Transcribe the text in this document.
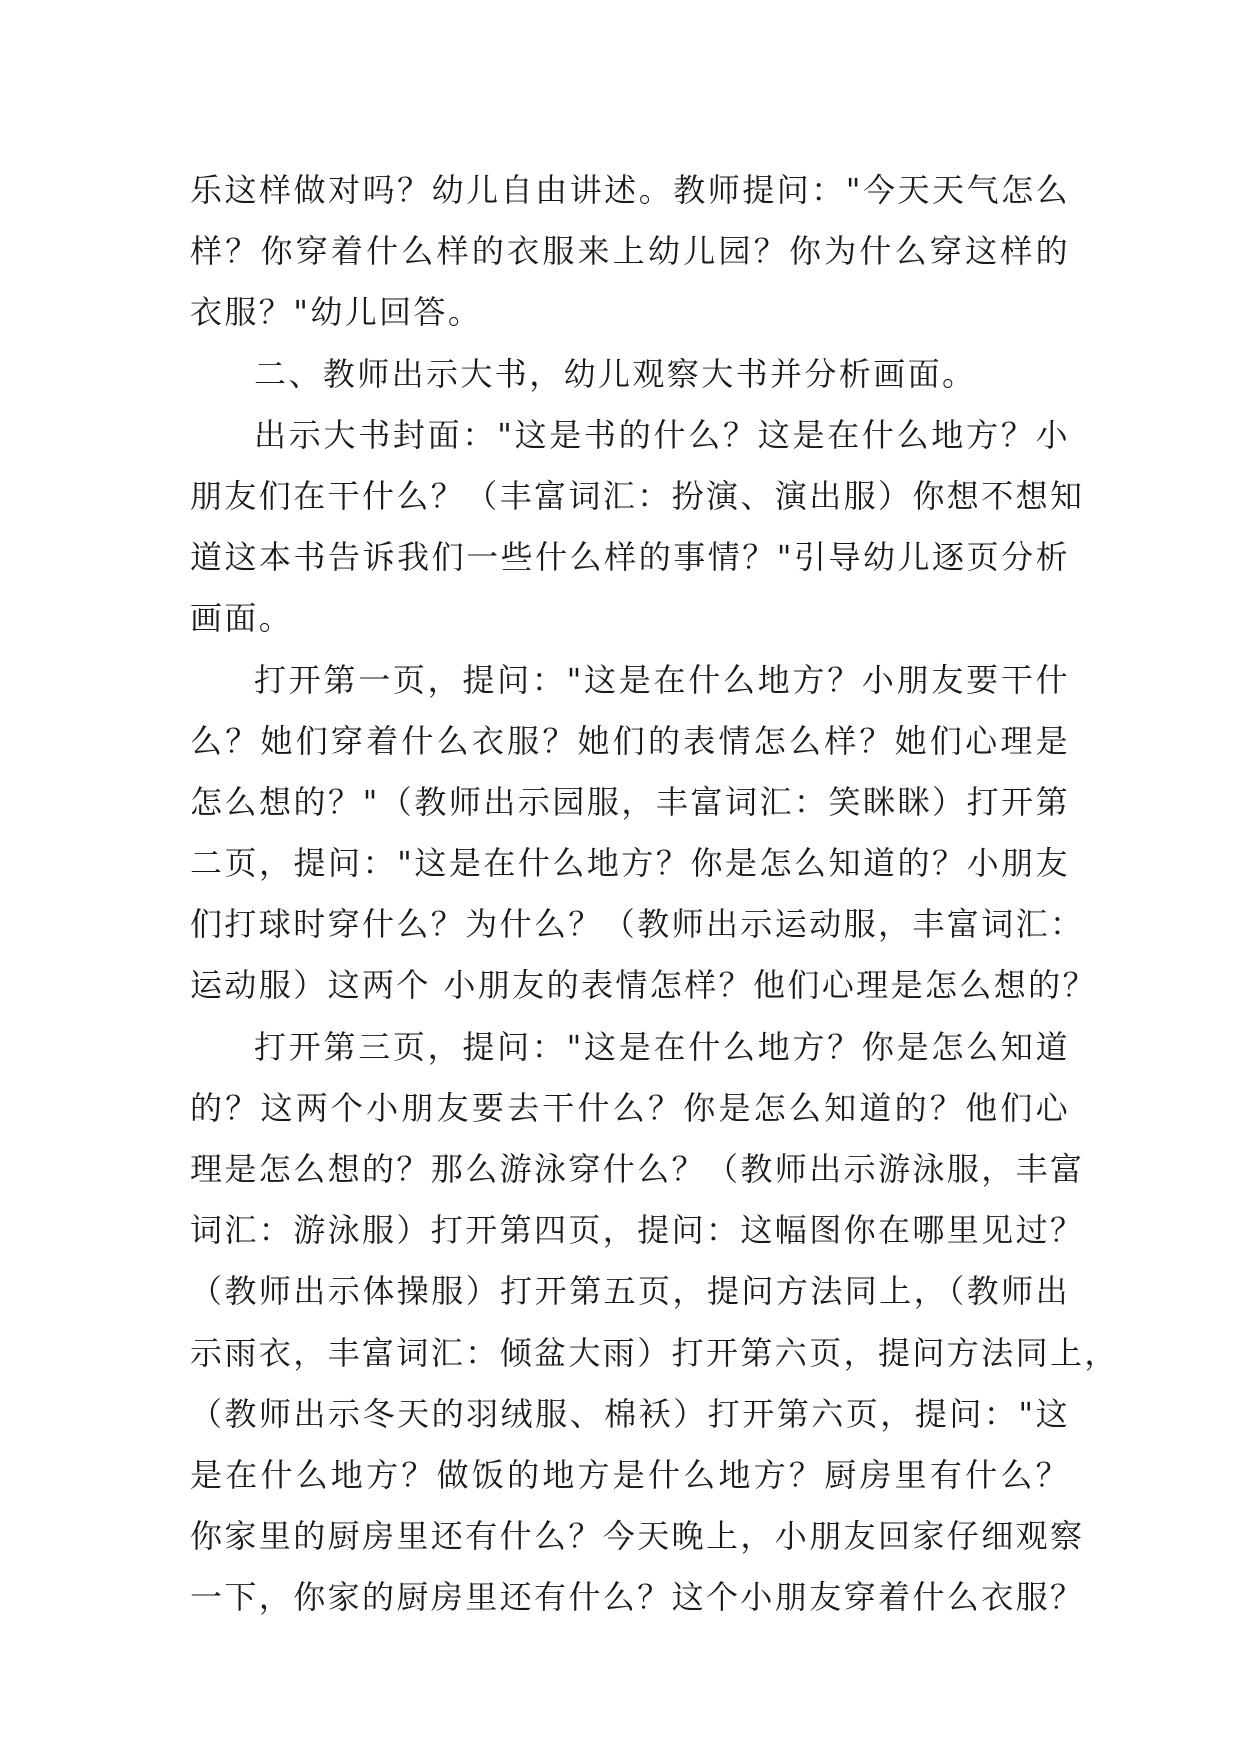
乐这样做对吗？幼儿自由讲述。教师提问："今天天气怎么
样？你穿着什么样的衣服来上幼儿园？你为什么穿这样的
衣服？"幼儿回答。
二、教师出示大书，幼儿观察大书并分析画面。
出示大书封面："这是书的什么？这是在什么地方？小
朋友们在干什么？（丰富词汇：扮演、演出服）你想不想知
道这本书告诉我们一些什么样的事情？"引导幼儿逐页分析
画面。
打开第一页，提问："这是在什么地方？小朋友要干什
么？她们穿着什么衣服？她们的表情怎么样？她们心理是
怎么想的？"（教师出示园服，丰富词汇：笑眯眯）打开第
二页，提问："这是在什么地方？你是怎么知道的？小朋友
们打球时穿什么？为什么？（教师出示运动服，丰富词汇：
运动服）这两个 小朋友的表情怎样？他们心理是怎么想的？
打开第三页，提问："这是在什么地方？你是怎么知道
的？这两个小朋友要去干什么？你是怎么知道的？他们心
理是怎么想的？那么游泳穿什么？（教师出示游泳服，丰富
词汇：游泳服）打开第四页，提问：这幅图你在哪里见过？
（教师出示体操服）打开第五页，提问方法同上，（教师出
示雨衣，丰富词汇：倾盆大雨）打开第六页，提问方法同上，
（教师出示冬天的羽绒服、棉袄）打开第六页，提问："这
是在什么地方？做饭的地方是什么地方？厨房里有什么？
你家里的厨房里还有什么？今天晚上，小朋友回家仔细观察
一下，你家的厨房里还有什么？这个小朋友穿着什么衣服？
